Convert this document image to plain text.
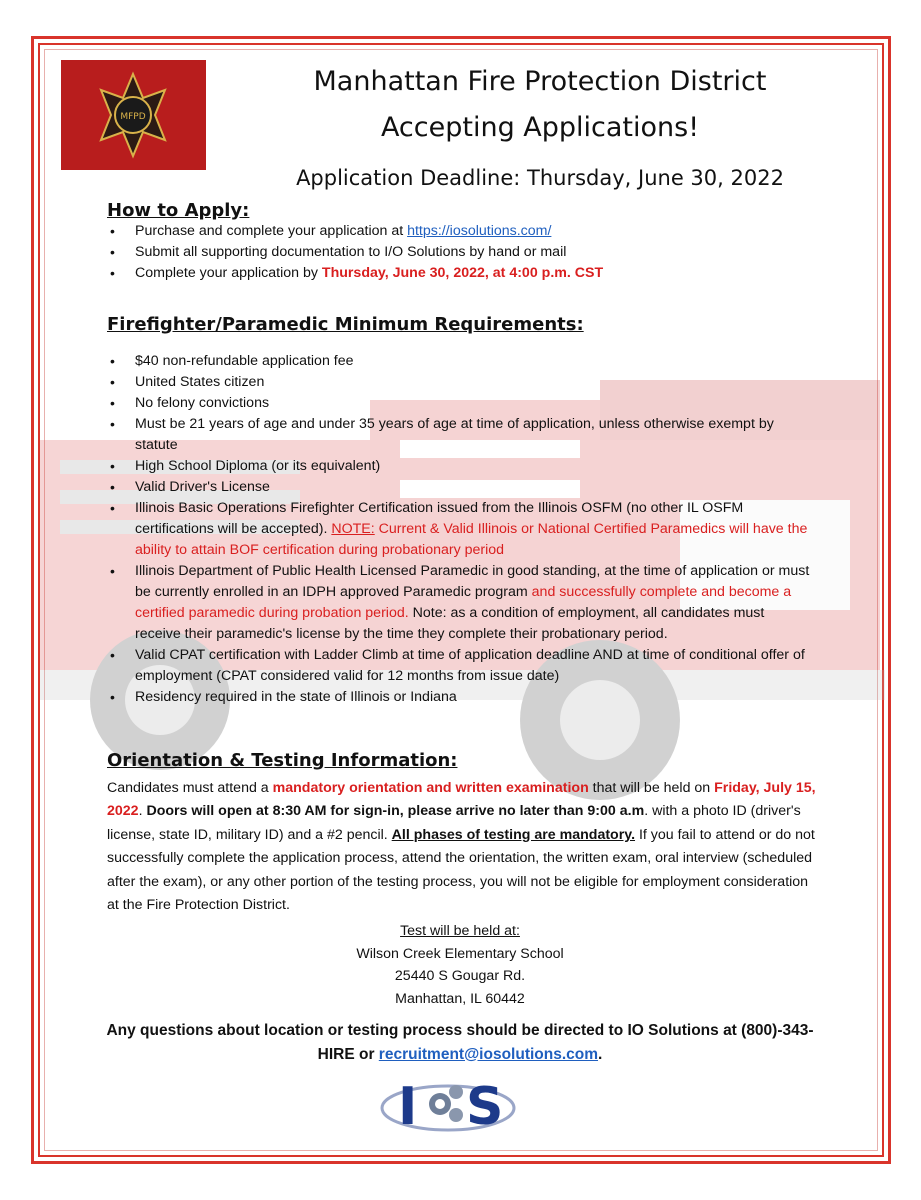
MFPD
Manhattan Fire Protection District
Accepting Applications!
Application Deadline: Thursday, June 30, 2022
How to Apply:
• Purchase and complete your application at https://iosolutions.com/
• Submit all supporting documentation to I/O Solutions by hand or mail
• Complete your application by Thursday, June 30, 2022, at 4:00 p.m. CST
Firefighter/Paramedic Minimum Requirements:
• $40 non-refundable application fee
• United States citizen
• No felony convictions
• Must be 21 years of age and under 35 years of age at time of application, unless otherwise exempt by statute
• High School Diploma (or its equivalent)
• Valid Driver's License
• Illinois Basic Operations Firefighter Certification issued from the Illinois OSFM (no other IL OSFM certifications will be accepted). NOTE: Current & Valid Illinois or National Certified Paramedics will have the ability to attain BOF certification during probationary period
• Illinois Department of Public Health Licensed Paramedic in good standing, at the time of application or must be currently enrolled in an IDPH approved Paramedic program and successfully complete and become a certified paramedic during probation period. Note: as a condition of employment, all candidates must receive their paramedic's license by the time they complete their probationary period.
• Valid CPAT certification with Ladder Climb at time of application deadline AND at time of conditional offer of employment (CPAT considered valid for 12 months from issue date)
• Residency required in the state of Illinois or Indiana
Orientation & Testing Information:
Candidates must attend a mandatory orientation and written examination that will be held on Friday, July 15, 2022. Doors will open at 8:30 AM for sign-in, please arrive no later than 9:00 a.m. with a photo ID (driver's license, state ID, military ID) and a #2 pencil. All phases of testing are mandatory. If you fail to attend or do not successfully complete the application process, attend the orientation, the written exam, oral interview (scheduled after the exam), or any other portion of the testing process, you will not be eligible for employment consideration at the Fire Protection District.
Test will be held at:
Wilson Creek Elementary School
25440 S Gougar Rd.
Manhattan, IL 60442
Any questions about location or testing process should be directed to IO Solutions at (800)-343-HIRE or recruitment@iosolutions.com.
I S
